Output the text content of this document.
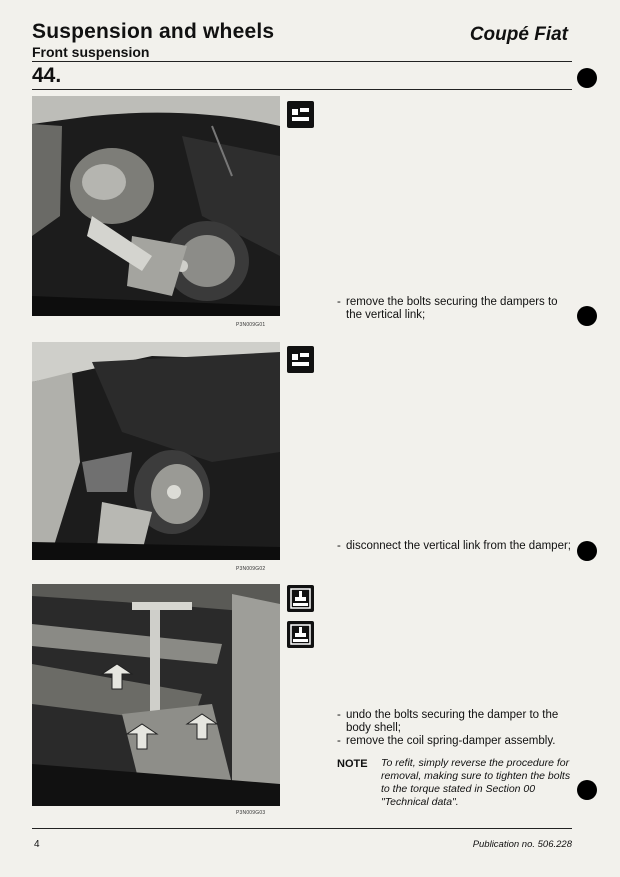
Suspension and wheels	Coupé Fiat
Front suspension
44.
P3N009G01
P3N009G02
P3N009G03
- remove the bolts securing the dampers to the vertical link;
- disconnect the vertical link from the damper;
- undo the bolts securing the damper to the body shell;
- remove the coil spring-damper assembly.
NOTE To refit, simply reverse the procedure for removal, making sure to tighten the bolts to the torque stated in Section 00 "Technical data".
4	Publication no. 506.228
